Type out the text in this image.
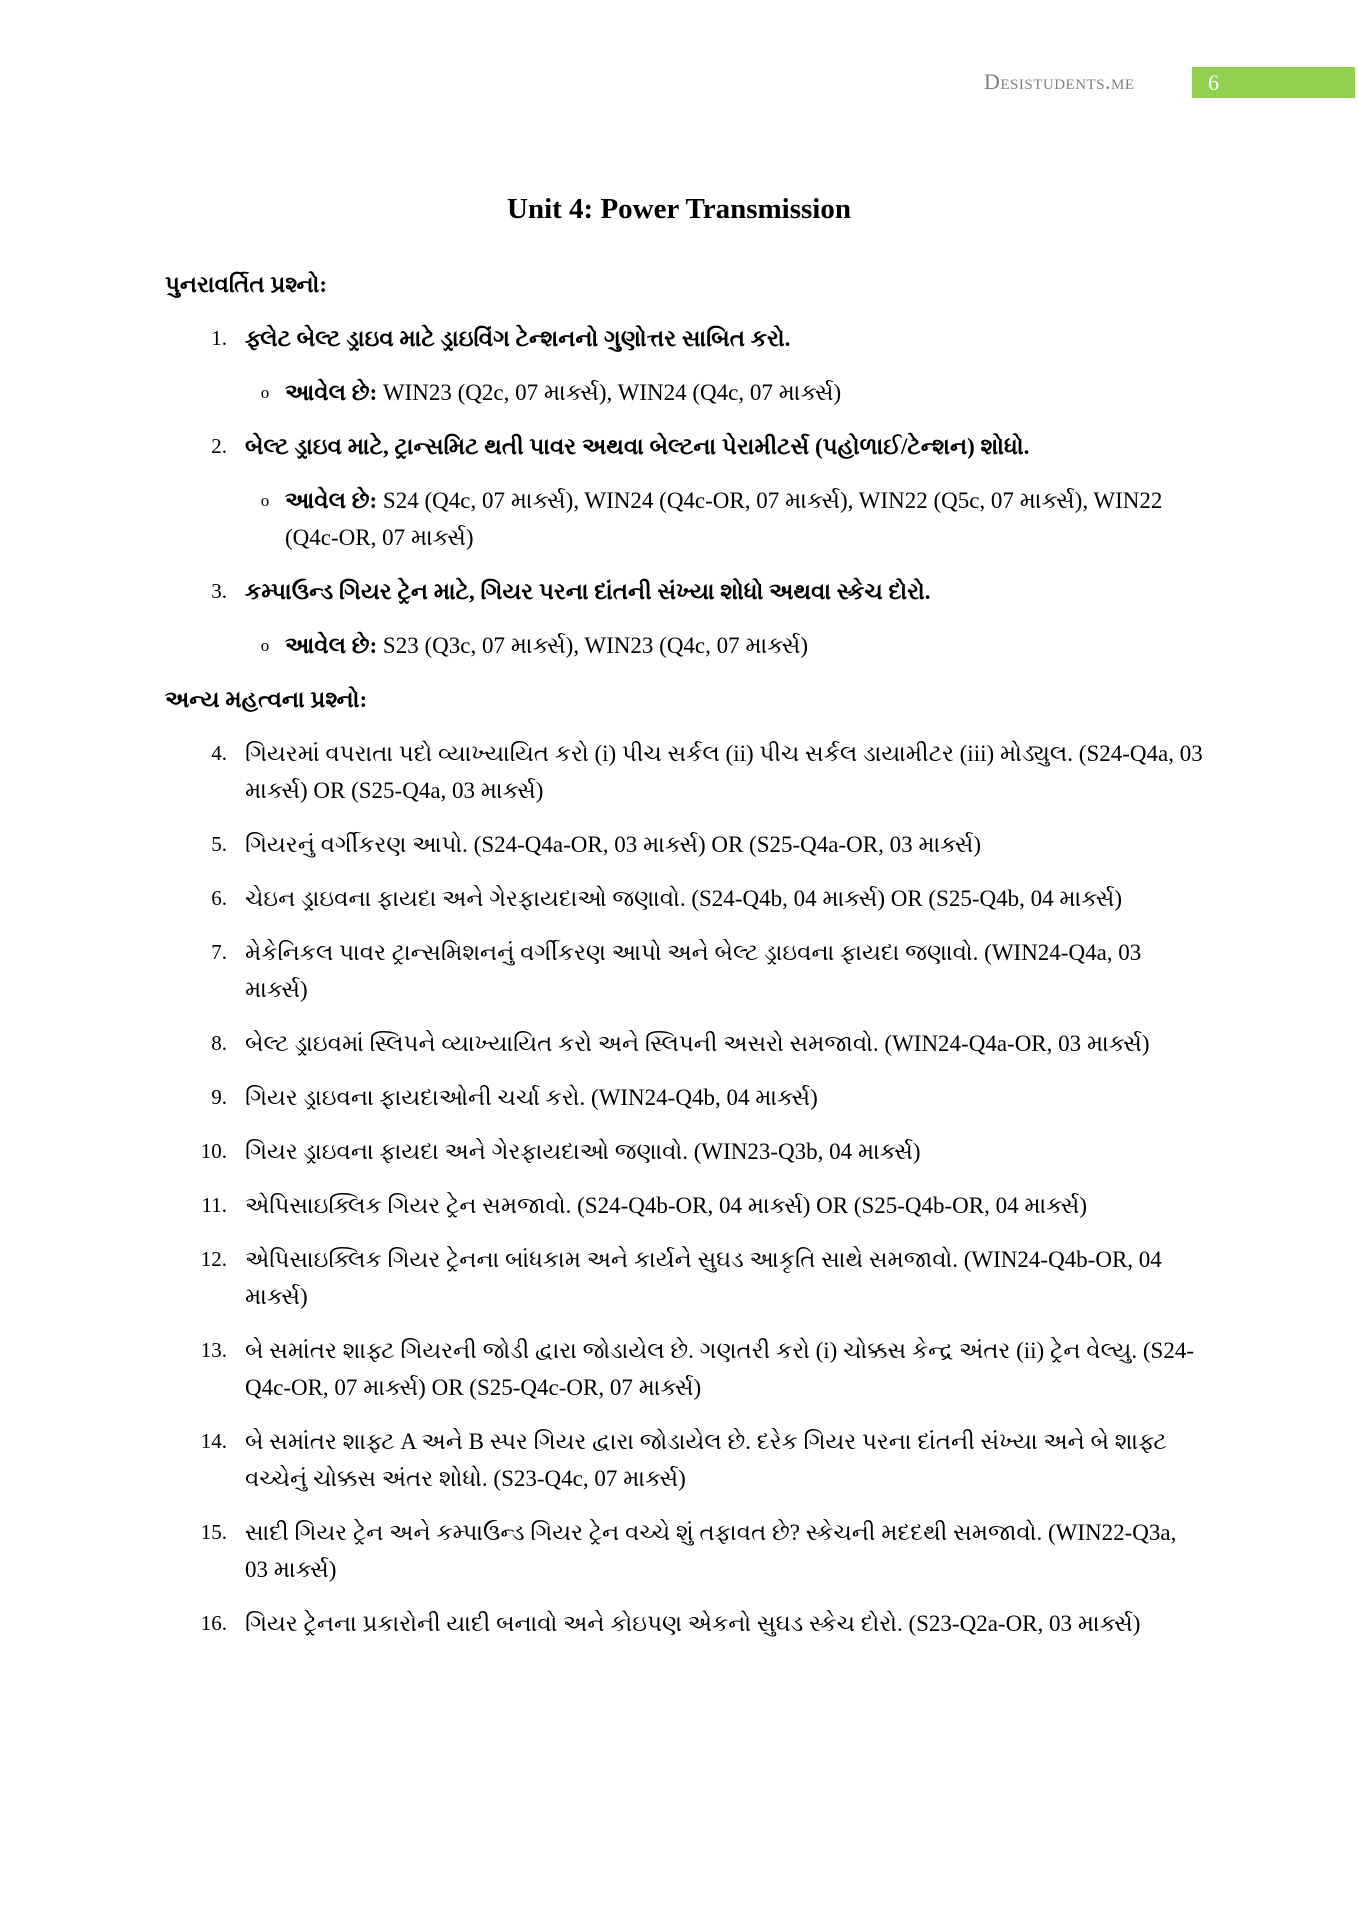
Desistudents.me	6
Unit 4: Power Transmission
પુનરાવર્તિત પ્રશ્નો:
1. ફ્લેટ બેલ્ટ ડ્રાઇવ માટે ડ્રાઇવિંગ ટેન્શનનો ગુણોત્તર સાબિત કરો.
o આવેલ છે: WIN23 (Q2c, 07 માર્ક્સ), WIN24 (Q4c, 07 માર્ક્સ)
2. બેલ્ટ ડ્રાઇવ માટે, ટ્રાન્સમિટ થતી પાવર અથવા બેલ્ટના પેરામીટર્સ (પહોળાઈ/ટેન્શન) શોધો.
o આવેલ છે: S24 (Q4c, 07 માર્ક્સ), WIN24 (Q4c-OR, 07 માર્ક્સ), WIN22 (Q5c, 07 માર્ક્સ), WIN22 (Q4c-OR, 07 માર્ક્સ)
3. કમ્પાઉન્ડ ગિયર ટ્રેન માટે, ગિયર પરના દાંતની સંખ્યા શોધો અથવા સ્કેચ દોરો.
o આવેલ છે: S23 (Q3c, 07 માર્ક્સ), WIN23 (Q4c, 07 માર્ક્સ)
અન્ય મહત્વના પ્રશ્નો:
4. ગિયરમાં વપરાતા પદો વ્યાખ્યાયિત કરો (i) પીચ સર્કલ (ii) પીચ સર્કલ ડાયામીટર (iii) મોડ્યુલ. (S24-Q4a, 03 માર્ક્સ) OR (S25-Q4a, 03 માર્ક્સ)
5. ગિયરનું વર્ગીકરણ આપો. (S24-Q4a-OR, 03 માર્ક્સ) OR (S25-Q4a-OR, 03 માર્ક્સ)
6. ચેઇન ડ્રાઇવના ફાયદા અને ગેરફાયદાઓ જણાવો. (S24-Q4b, 04 માર્ક્સ) OR (S25-Q4b, 04 માર્ક્સ)
7. મેકેનિકલ પાવર ટ્રાન્સમિશનનું વર્ગીકરણ આપો અને બેલ્ટ ડ્રાઇવના ફાયદા જણાવો. (WIN24-Q4a, 03 માર્ક્સ)
8. બેલ્ટ ડ્રાઇવમાં સ્લિપને વ્યાખ્યાયિત કરો અને સ્લિપની અસરો સમજાવો. (WIN24-Q4a-OR, 03 માર્ક્સ)
9. ગિયર ડ્રાઇવના ફાયદાઓની ચર્ચા કરો. (WIN24-Q4b, 04 માર્ક્સ)
10. ગિયર ડ્રાઇવના ફાયદા અને ગેરફાયદાઓ જણાવો. (WIN23-Q3b, 04 માર્ક્સ)
11. એપિસાઇક્લિક ગિયર ટ્રેન સમજાવો. (S24-Q4b-OR, 04 માર્ક્સ) OR (S25-Q4b-OR, 04 માર્ક્સ)
12. એપિસાઇક્લિક ગિયર ટ્રેનના બાંધકામ અને કાર્યને સુઘડ આકૃતિ સાથે સમજાવો. (WIN24-Q4b-OR, 04 માર્ક્સ)
13. બે સમાંતર શાફ્ટ ગિયરની જોડી દ્વારા જોડાયેલ છે. ગણતરી કરો (i) ચોક્કસ કેન્દ્ર અંતર (ii) ટ્રેન વેલ્યુ. (S24-Q4c-OR, 07 માર્ક્સ) OR (S25-Q4c-OR, 07 માર્ક્સ)
14. બે સમાંતર શાફ્ટ A અને B સ્પર ગિયર દ્વારા જોડાયેલ છે. દરેક ગિયર પરના દાંતની સંખ્યા અને બે શાફ્ટ વચ્ચેનું ચોક્કસ અંતર શોધો. (S23-Q4c, 07 માર્ક્સ)
15. સાદી ગિયર ટ્રેન અને કમ્પાઉન્ડ ગિયર ટ્રેન વચ્ચે શું તફાવત છે? સ્કેચની મદદથી સમજાવો. (WIN22-Q3a, 03 માર્ક્સ)
16. ગિયર ટ્રેનના પ્રકારોની યાદી બનાવો અને કોઇપણ એકનો સુઘડ સ્કેચ દોરો. (S23-Q2a-OR, 03 માર્ક્સ)
